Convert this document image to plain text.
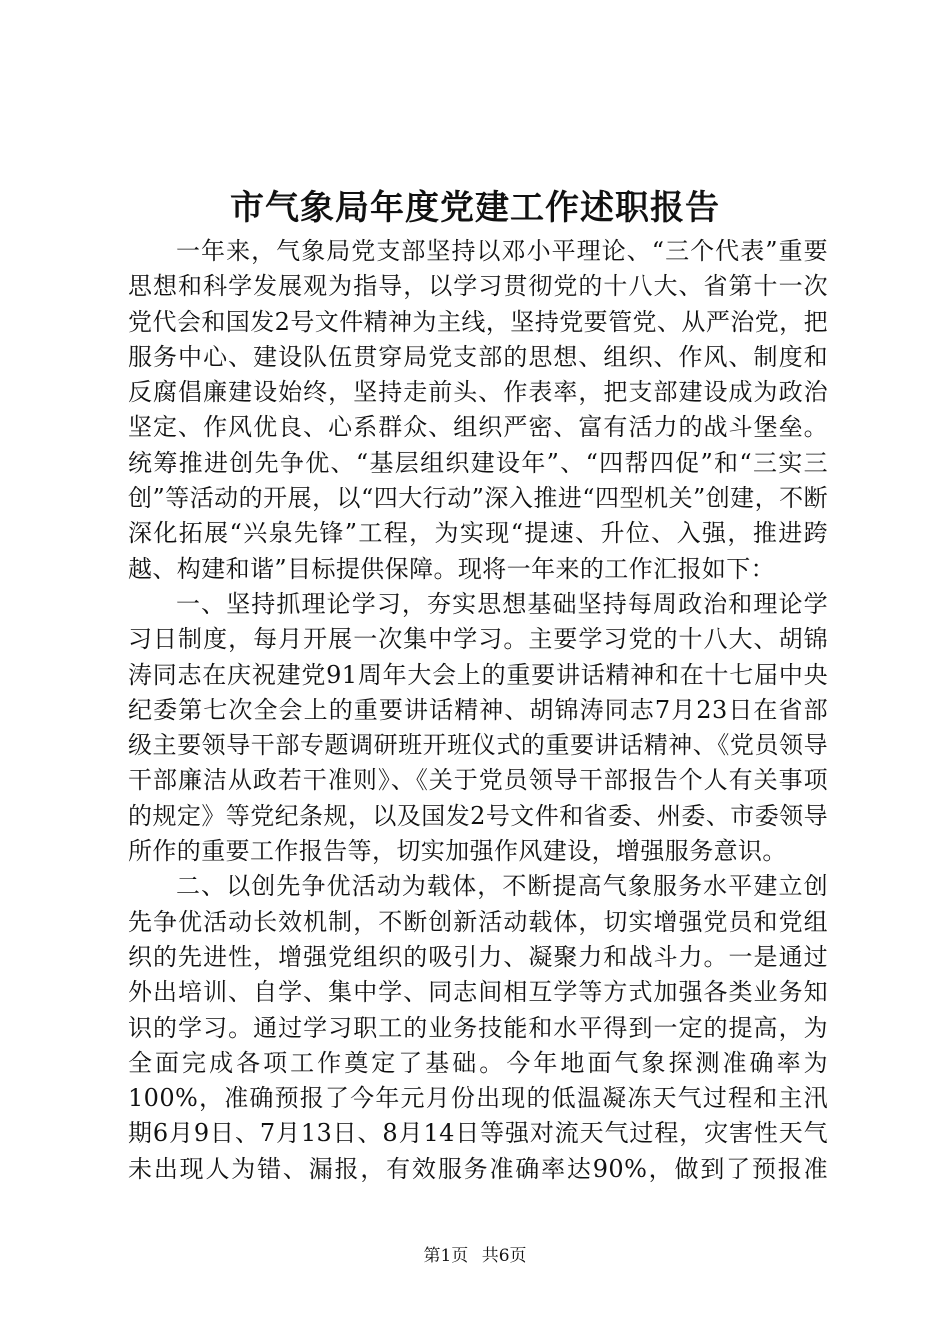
市气象局年度党建工作述职报告

一年来，气象局党支部坚持以邓小平理论、“三个代表”重要思想和科学发展观为指导，以学习贯彻党的十八大、省第十一次党代会和国发2号文件精神为主线，坚持党要管党、从严治党，把服务中心、建设队伍贯穿局党支部的思想、组织、作风、制度和反腐倡廉建设始终，坚持走前头、作表率，把支部建设成为政治坚定、作风优良、心系群众、组织严密、富有活力的战斗堡垒。统筹推进创先争优、“基层组织建设年”、“四帮四促”和“三实三创”等活动的开展，以“四大行动”深入推进“四型机关”创建，不断深化拓展“兴泉先锋”工程，为实现“提速、升位、入强，推进跨越、构建和谐”目标提供保障。现将一年来的工作汇报如下：

一、坚持抓理论学习，夯实思想基础坚持每周政治和理论学习日制度，每月开展一次集中学习。主要学习党的十八大、胡锦涛同志在庆祝建党91周年大会上的重要讲话精神和在十七届中央纪委第七次全会上的重要讲话精神、胡锦涛同志7月23日在省部级主要领导干部专题调研班开班仪式的重要讲话精神、《党员领导干部廉洁从政若干准则》、《关于党员领导干部报告个人有关事项的规定》等党纪条规，以及国发2号文件和省委、州委、市委领导所作的重要工作报告等，切实加强作风建设，增强服务意识。

二、以创先争优活动为载体，不断提高气象服务水平建立创先争优活动长效机制，不断创新活动载体，切实增强党员和党组织的先进性，增强党组织的吸引力、凝聚力和战斗力。一是通过外出培训、自学、集中学、同志间相互学等方式加强各类业务知识的学习。通过学习职工的业务技能和水平得到一定的提高，为全面完成各项工作奠定了基础。今年地面气象探测准确率为100%，准确预报了今年元月份出现的低温凝冻天气过程和主汛期6月9日、7月13日、8月14日等强对流天气过程，灾害性天气未出现人为错、漏报，有效服务准确率达90%，做到了预报准

第1页 共6页
